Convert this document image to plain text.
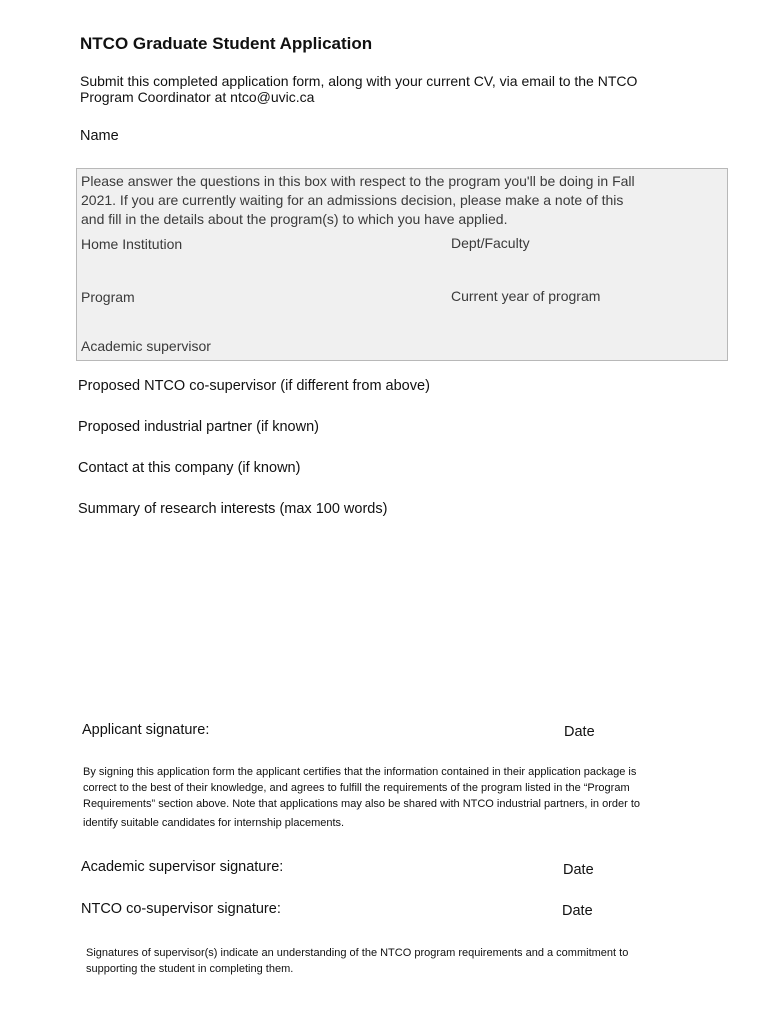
NTCO Graduate Student Application
Submit this completed application form, along with your current CV, via email to the NTCO
Program Coordinator at ntco@uvic.ca
Name
Please answer the questions in this box with respect to the program you'll be doing in Fall
2021. If you are currently waiting for an admissions decision, please make a note of this
and fill in the details about the program(s) to which you have applied.
Home Institution	Dept/Faculty
Program	Current year of program
Academic supervisor
Proposed NTCO co-supervisor (if different from above)
Proposed industrial partner (if known)
Contact at this company (if known)
Summary of research interests (max 100 words)
Applicant signature:	Date
By signing this application form the applicant certifies that the information contained in their application package is
correct to the best of their knowledge, and agrees to fulfill the requirements of the program listed in the “Program
Requirements” section above. Note that applications may also be shared with NTCO industrial partners, in order to
identify suitable candidates for internship placements.
Academic supervisor signature:	Date
NTCO co-supervisor signature:	Date
Signatures of supervisor(s) indicate an understanding of the NTCO program requirements and a commitment to
supporting the student in completing them.
